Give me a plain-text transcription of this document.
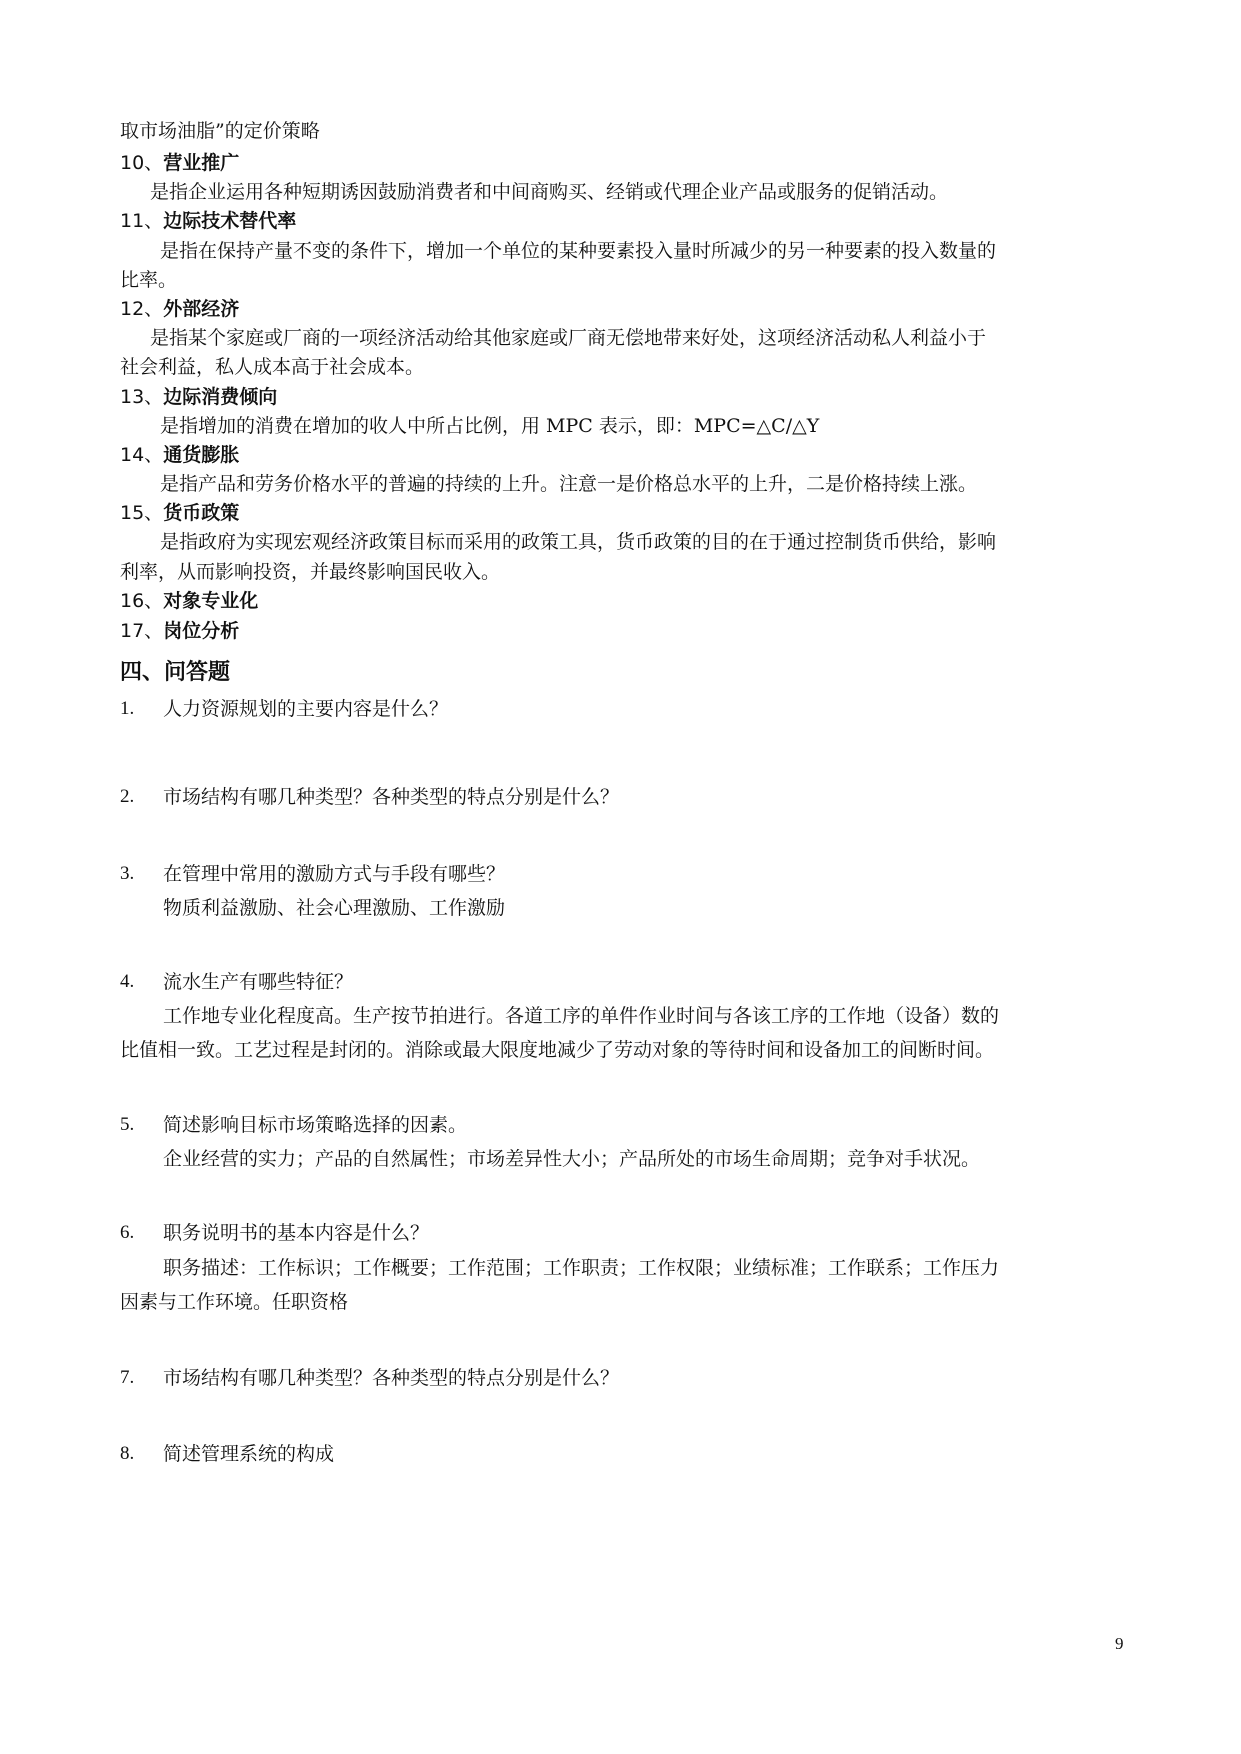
取市场油脂”的定价策略
10、营业推广
是指企业运用各种短期诱因鼓励消费者和中间商购买、经销或代理企业产品或服务的促销活动。
11、边际技术替代率
是指在保持产量不变的条件下，增加一个单位的某种要素投入量时所减少的另一种要素的投入数量的
比率。
12、外部经济
是指某个家庭或厂商的一项经济活动给其他家庭或厂商无偿地带来好处，这项经济活动私人利益小于
社会利益，私人成本高于社会成本。
13、边际消费倾向
是指增加的消费在增加的收人中所占比例，用 MPC 表示，即：MPC=△C/△Y
14、通货膨胀
是指产品和劳务价格水平的普遍的持续的上升。注意一是价格总水平的上升，二是价格持续上涨。
15、货币政策
是指政府为实现宏观经济政策目标而采用的政策工具，货币政策的目的在于通过控制货币供给，影响
利率，从而影响投资，并最终影响国民收入。
16、对象专业化
17、岗位分析
四、问答题
1. 人力资源规划的主要内容是什么？
2. 市场结构有哪几种类型？各种类型的特点分别是什么？
3. 在管理中常用的激励方式与手段有哪些？
物质利益激励、社会心理激励、工作激励
4. 流水生产有哪些特征？
工作地专业化程度高。生产按节拍进行。各道工序的单件作业时间与各该工序的工作地（设备）数的
比值相一致。工艺过程是封闭的。消除或最大限度地减少了劳动对象的等待时间和设备加工的间断时间。
5. 简述影响目标市场策略选择的因素。
企业经营的实力；产品的自然属性；市场差异性大小；产品所处的市场生命周期；竞争对手状况。
6. 职务说明书的基本内容是什么？
职务描述：工作标识；工作概要；工作范围；工作职责；工作权限；业绩标准；工作联系；工作压力
因素与工作环境。任职资格
7. 市场结构有哪几种类型？各种类型的特点分别是什么？
8. 简述管理系统的构成
9
